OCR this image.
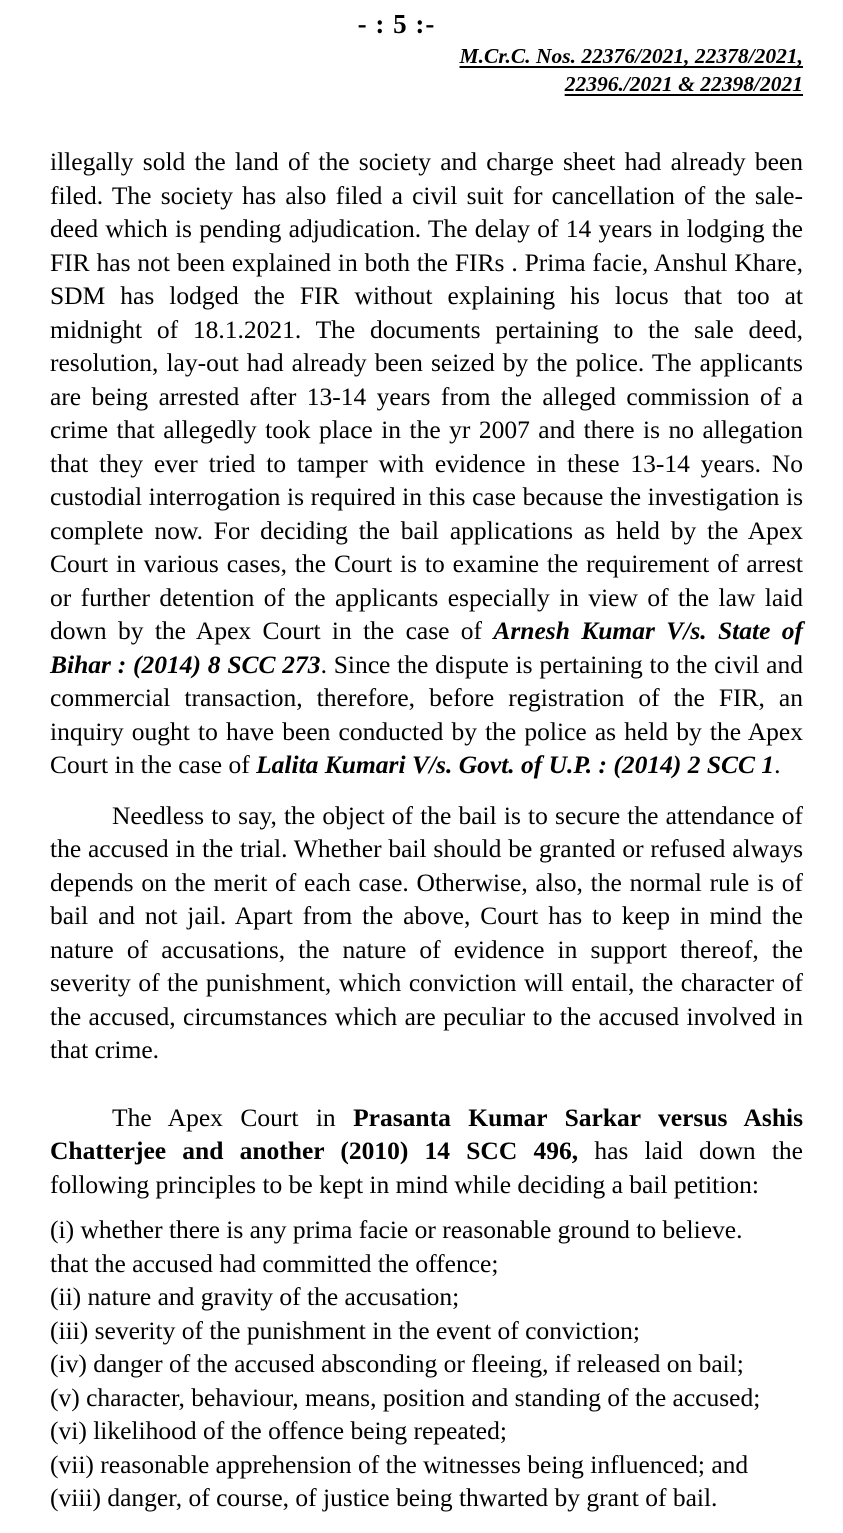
- : 5 :-
M.Cr.C. Nos. 22376/2021, 22378/2021,
22396./2021 & 22398/2021

illegally sold the land of the society and charge sheet had already been filed. The society has also filed a civil suit for cancellation of the sale-deed which is pending adjudication. The delay of 14 years in lodging the FIR has not been explained in both the FIRs . Prima facie, Anshul Khare, SDM has lodged the FIR without explaining his locus that too at midnight of 18.1.2021. The documents pertaining to the sale deed, resolution, lay-out had already been seized by the police. The applicants are being arrested after 13-14 years from the alleged commission of a crime that allegedly took place in the yr 2007 and there is no allegation that they ever tried to tamper with evidence in these 13-14 years. No custodial interrogation is required in this case because the investigation is complete now. For deciding the bail applications as held by the Apex Court in various cases, the Court is to examine the requirement of arrest or further detention of the applicants especially in view of the law laid down by the Apex Court in the case of Arnesh Kumar V/s. State of Bihar : (2014) 8 SCC 273. Since the dispute is pertaining to the civil and commercial transaction, therefore, before registration of the FIR, an inquiry ought to have been conducted by the police as held by the Apex Court in the case of Lalita Kumari V/s. Govt. of U.P. : (2014) 2 SCC 1.

Needless to say, the object of the bail is to secure the attendance of the accused in the trial. Whether bail should be granted or refused always depends on the merit of each case. Otherwise, also, the normal rule is of bail and not jail. Apart from the above, Court has to keep in mind the nature of accusations, the nature of evidence in support thereof, the severity of the punishment, which conviction will entail, the character of the accused, circumstances which are peculiar to the accused involved in that crime.

The Apex Court in Prasanta Kumar Sarkar versus Ashis Chatterjee and another (2010) 14 SCC 496, has laid down the following principles to be kept in mind while deciding a bail petition:

(i) whether there is any prima facie or reasonable ground to believe.
that the accused had committed the offence;
(ii) nature and gravity of the accusation;
(iii) severity of the punishment in the event of conviction;
(iv) danger of the accused absconding or fleeing, if released on bail;
(v) character, behaviour, means, position and standing of the accused;
(vi) likelihood of the offence being repeated;
(vii) reasonable apprehension of the witnesses being influenced; and
(viii) danger, of course, of justice being thwarted by grant of bail.
